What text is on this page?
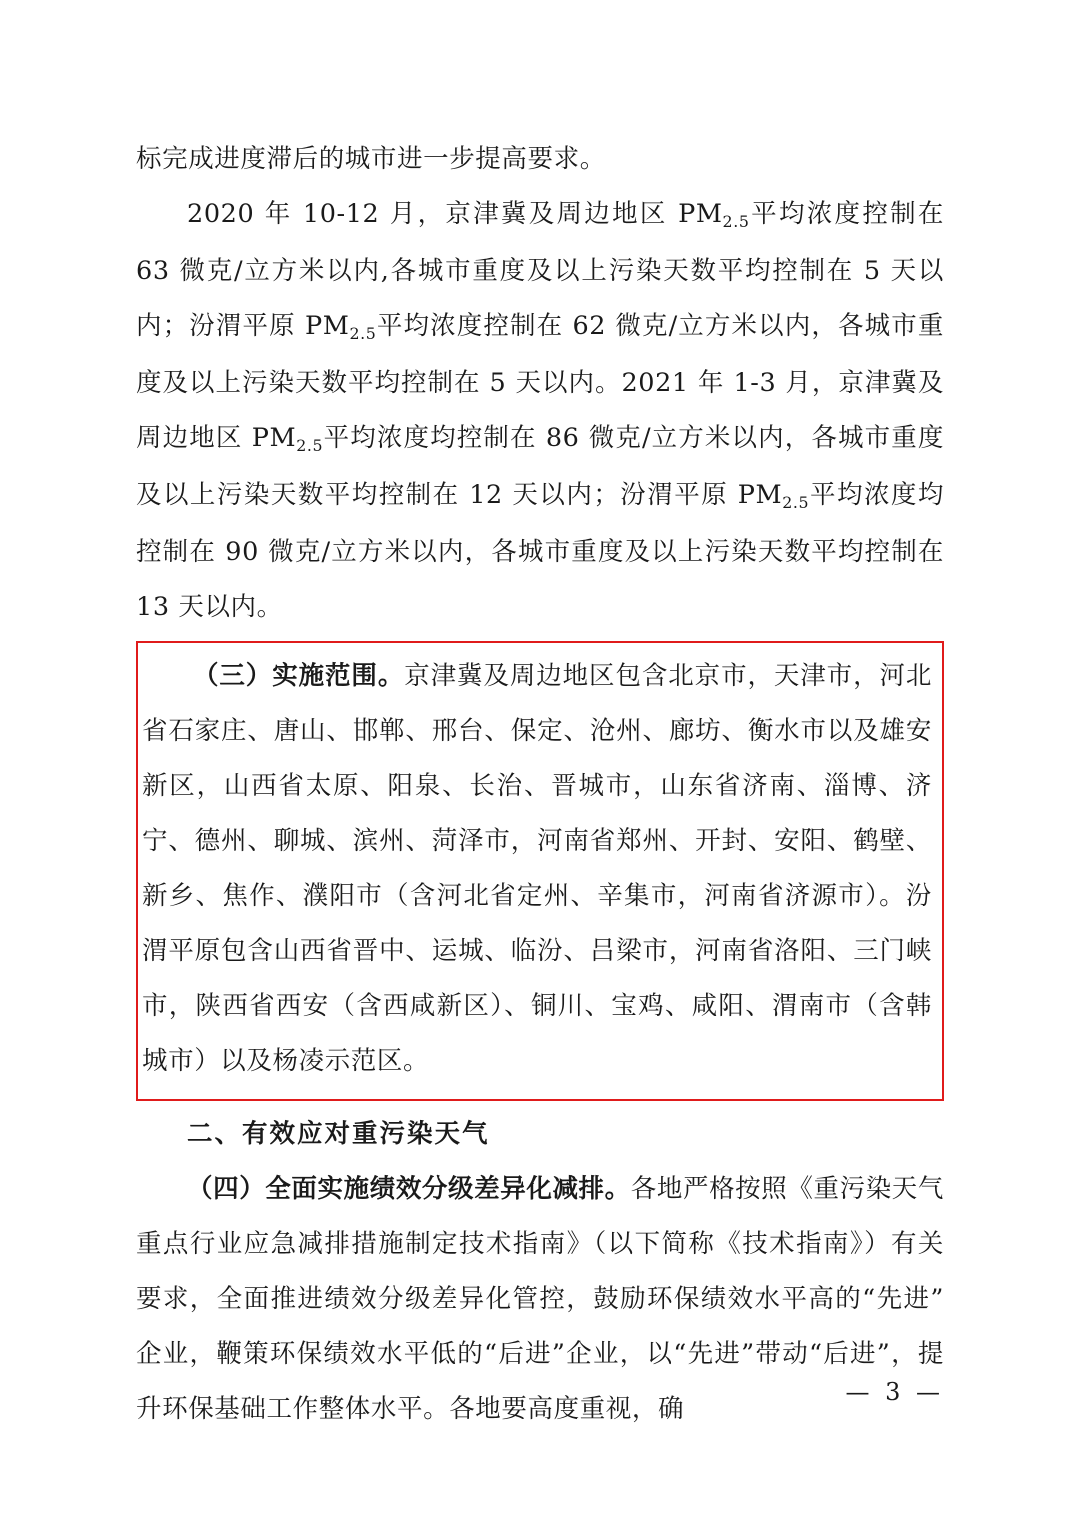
标完成进度滞后的城市进一步提高要求。

2020 年 10-12 月，京津冀及周边地区 $PM_{2.5}$平均浓度控制在 63 微克/立方米以内,各城市重度及以上污染天数平均控制在 5 天以内；汾渭平原 $PM_{2.5}$平均浓度控制在 62 微克/立方米以内，各城市重度及以上污染天数平均控制在 5 天以内。2021 年 1-3 月，京津冀及周边地区 $PM_{2.5}$平均浓度均控制在 86 微克/立方米以内，各城市重度及以上污染天数平均控制在 12 天以内；汾渭平原 $PM_{2.5}$平均浓度均控制在 90 微克/立方米以内，各城市重度及以上污染天数平均控制在 13 天以内。

（三）实施范围。京津冀及周边地区包含北京市，天津市，河北省石家庄、唐山、邯郸、邢台、保定、沧州、廊坊、衡水市以及雄安新区，山西省太原、阳泉、长治、晋城市，山东省济南、淄博、济宁、德州、聊城、滨州、菏泽市，河南省郑州、开封、安阳、鹤壁、新乡、焦作、濮阳市（含河北省定州、辛集市，河南省济源市）。汾渭平原包含山西省晋中、运城、临汾、吕梁市，河南省洛阳、三门峡市，陕西省西安（含西咸新区）、铜川、宝鸡、咸阳、渭南市（含韩城市）以及杨凌示范区。

二、有效应对重污染天气

（四）全面实施绩效分级差异化减排。各地严格按照《重污染天气重点行业应急减排措施制定技术指南》（以下简称《技术指南》）有关要求，全面推进绩效分级差异化管控，鼓励环保绩效水平高的“先进”企业，鞭策环保绩效水平低的“后进”企业，以“先进”带动“后进”，提升环保基础工作整体水平。各地要高度重视，确

— 3 —
